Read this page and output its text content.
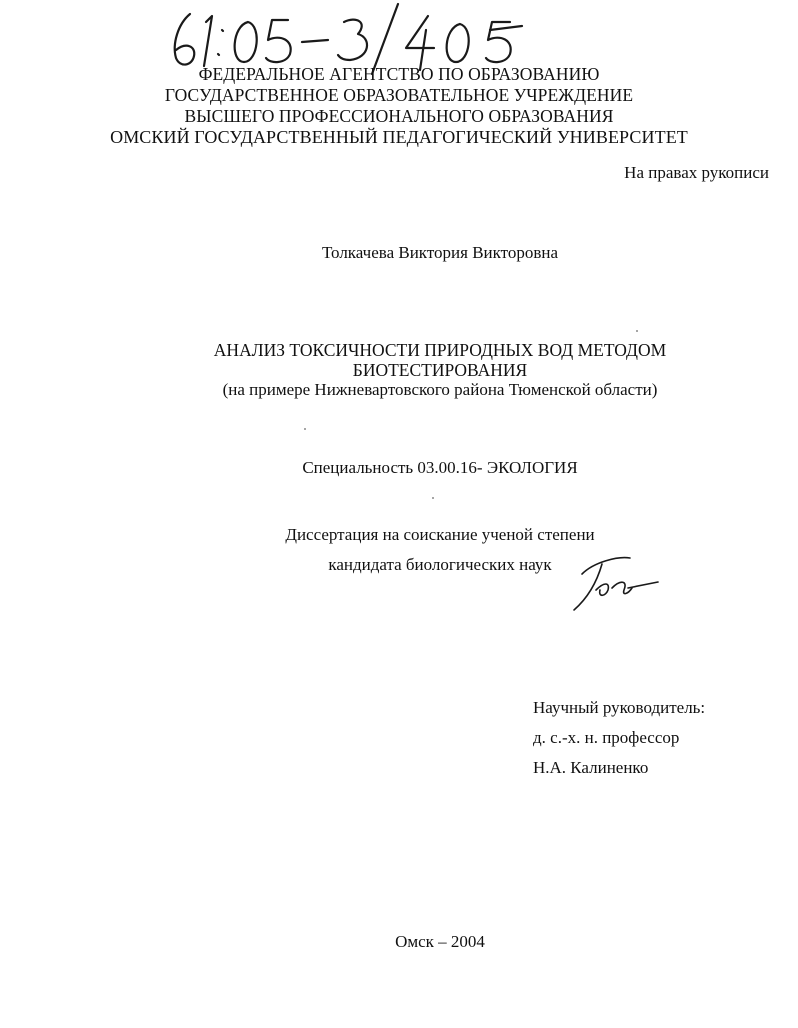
ФЕДЕРАЛЬНОЕ АГЕНТСТВО ПО ОБРАЗОВАНИЮ
ГОСУДАРСТВЕННОЕ ОБРАЗОВАТЕЛЬНОЕ УЧРЕЖДЕНИЕ
ВЫСШЕГО ПРОФЕССИОНАЛЬНОГО ОБРАЗОВАНИЯ
ОМСКИЙ ГОСУДАРСТВЕННЫЙ ПЕДАГОГИЧЕСКИЙ УНИВЕРСИТЕТ
На правах рукописи
Толкачева Виктория Викторовна
АНАЛИЗ ТОКСИЧНОСТИ ПРИРОДНЫХ ВОД МЕТОДОМ
БИОТЕСТИРОВАНИЯ
(на примере Нижневартовского района Тюменской области)
Специальность 03.00.16- ЭКОЛОГИЯ
Диссертация на соискание ученой степени
кандидата биологических наук
Научный руководитель:
д. с.-х. н. профессор
Н.А. Калиненко
Омск – 2004
